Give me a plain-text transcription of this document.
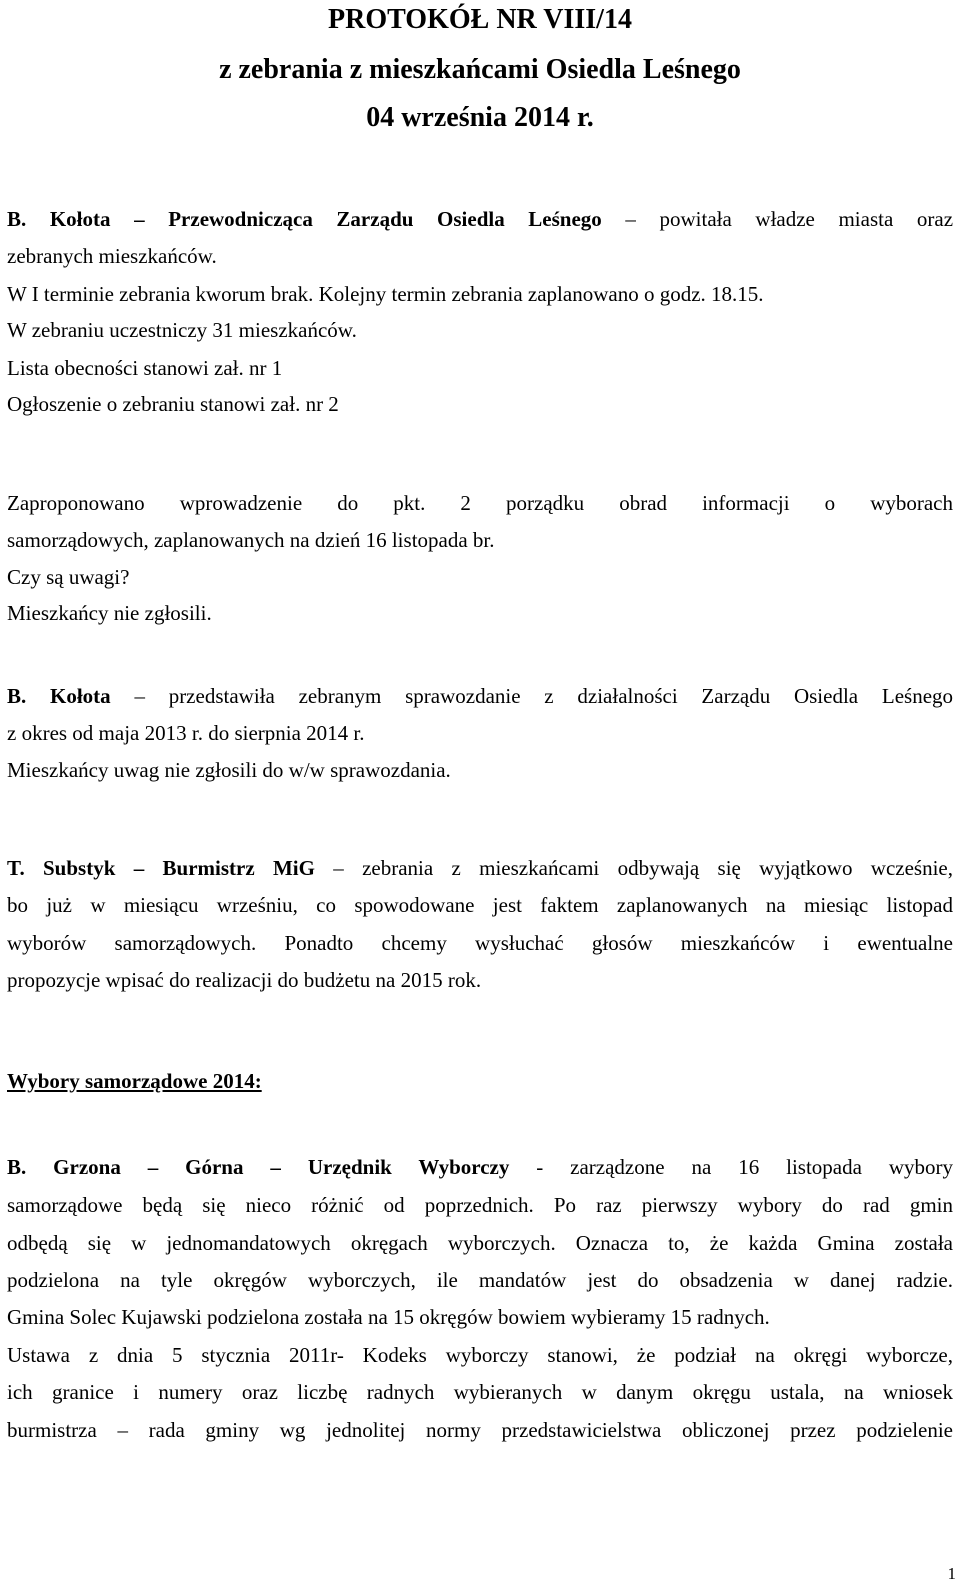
PROTOKÓŁ NR VIII/14
z zebrania z mieszkańcami Osiedla Leśnego
04 września 2014 r.

B. Kołota – Przewodnicząca Zarządu Osiedla Leśnego – powitała władze miasta oraz

zebranych mieszkańców.

W I terminie zebrania kworum brak. Kolejny termin zebrania zaplanowano o godz. 18.15.

W zebraniu uczestniczy 31 mieszkańców.

Lista obecności stanowi zał. nr 1

Ogłoszenie o zebraniu stanowi zał. nr 2

Zaproponowano wprowadzenie do pkt. 2 porządku obrad informacji o wyborach

samorządowych, zaplanowanych na dzień 16 listopada br.

Czy są uwagi?

Mieszkańcy nie zgłosili.

B. Kołota – przedstawiła zebranym sprawozdanie z działalności Zarządu Osiedla Leśnego

z okres od maja 2013 r. do sierpnia 2014 r.

Mieszkańcy uwag nie zgłosili do w/w sprawozdania.

T. Substyk – Burmistrz MiG – zebrania z mieszkańcami odbywają się wyjątkowo wcześnie,

bo już w miesiącu wrześniu, co spowodowane jest faktem zaplanowanych na miesiąc listopad

wyborów samorządowych. Ponadto chcemy wysłuchać głosów mieszkańców i ewentualne

propozycje wpisać do realizacji do budżetu na 2015 rok.

Wybory samorządowe 2014:

B. Grzona – Górna – Urzędnik Wyborczy - zarządzone na 16 listopada wybory

samorządowe będą się nieco różnić od poprzednich. Po raz pierwszy wybory do rad gmin

odbędą się w jednomandatowych okręgach wyborczych. Oznacza to, że każda Gmina została

podzielona na tyle okręgów wyborczych, ile mandatów jest do obsadzenia w danej radzie.

Gmina Solec Kujawski podzielona została na 15 okręgów bowiem wybieramy 15 radnych.

Ustawa z dnia 5 stycznia 2011r- Kodeks wyborczy stanowi, że podział na okręgi wyborcze,

ich granice i numery oraz liczbę radnych wybieranych w danym okręgu ustala, na wniosek

burmistrza – rada gminy wg jednolitej normy przedstawicielstwa obliczonej przez podzielenie

1
